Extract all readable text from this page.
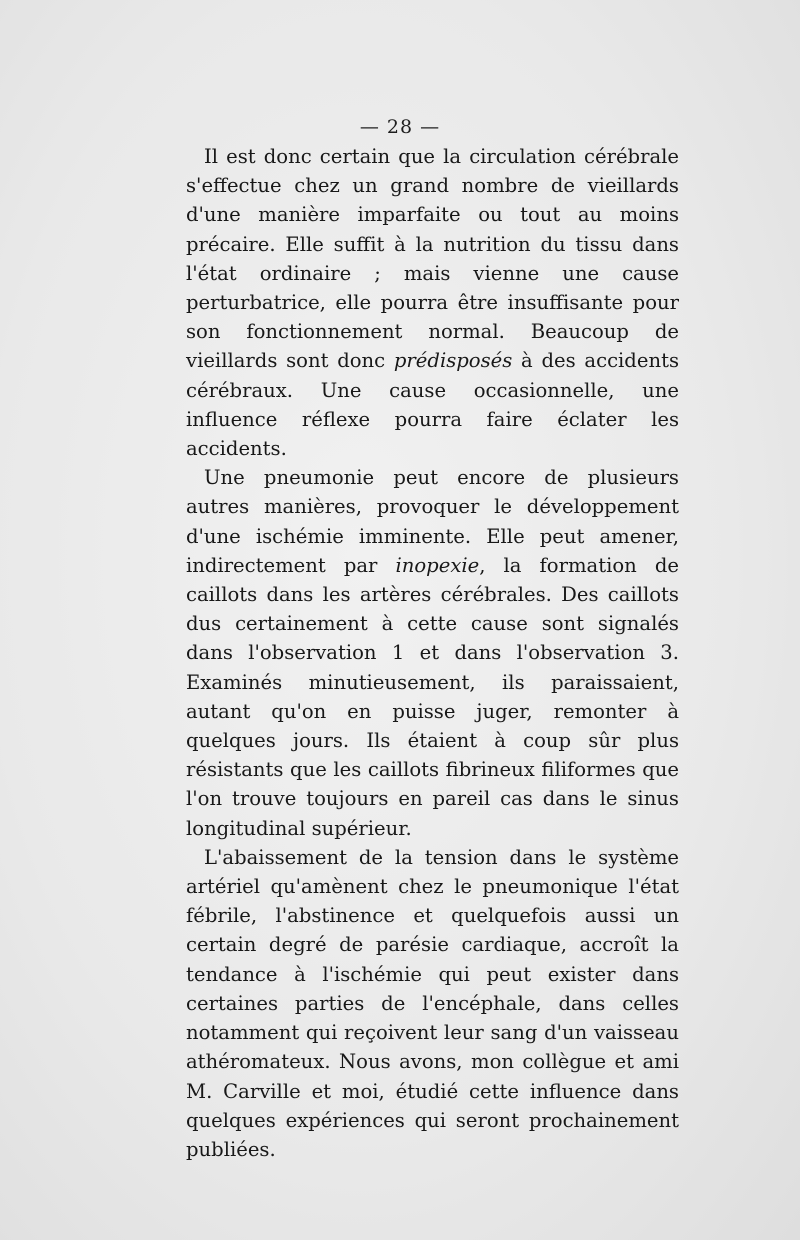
— 28 —

Il est donc certain que la circulation cérébrale s'effectue chez un grand nombre de vieillards d'une manière imparfaite ou tout au moins précaire. Elle suffit à la nutrition du tissu dans l'état ordinaire ; mais vienne une cause perturbatrice, elle pourra être insuffisante pour son fonctionnement normal. Beaucoup de vieillards sont donc prédisposés à des accidents cérébraux. Une cause occasionnelle, une influence réflexe pourra faire éclater les accidents.

Une pneumonie peut encore de plusieurs autres manières, provoquer le développement d'une ischémie imminente. Elle peut amener, indirectement par inopexie, la formation de caillots dans les artères cérébrales. Des caillots dus certainement à cette cause sont signalés dans l'observation 1 et dans l'observation 3. Examinés minutieusement, ils paraissaient, autant qu'on en puisse juger, remonter à quelques jours. Ils étaient à coup sûr plus résistants que les caillots fibrineux filiformes que l'on trouve toujours en pareil cas dans le sinus longitudinal supérieur.

L'abaissement de la tension dans le système artériel qu'amènent chez le pneumonique l'état fébrile, l'abstinence et quelquefois aussi un certain degré de parésie cardiaque, accroît la tendance à l'ischémie qui peut exister dans certaines parties de l'encéphale, dans celles notamment qui reçoivent leur sang d'un vaisseau athéromateux. Nous avons, mon collègue et ami M. Carville et moi, étudié cette influence dans quelques expériences qui seront prochainement publiées.
